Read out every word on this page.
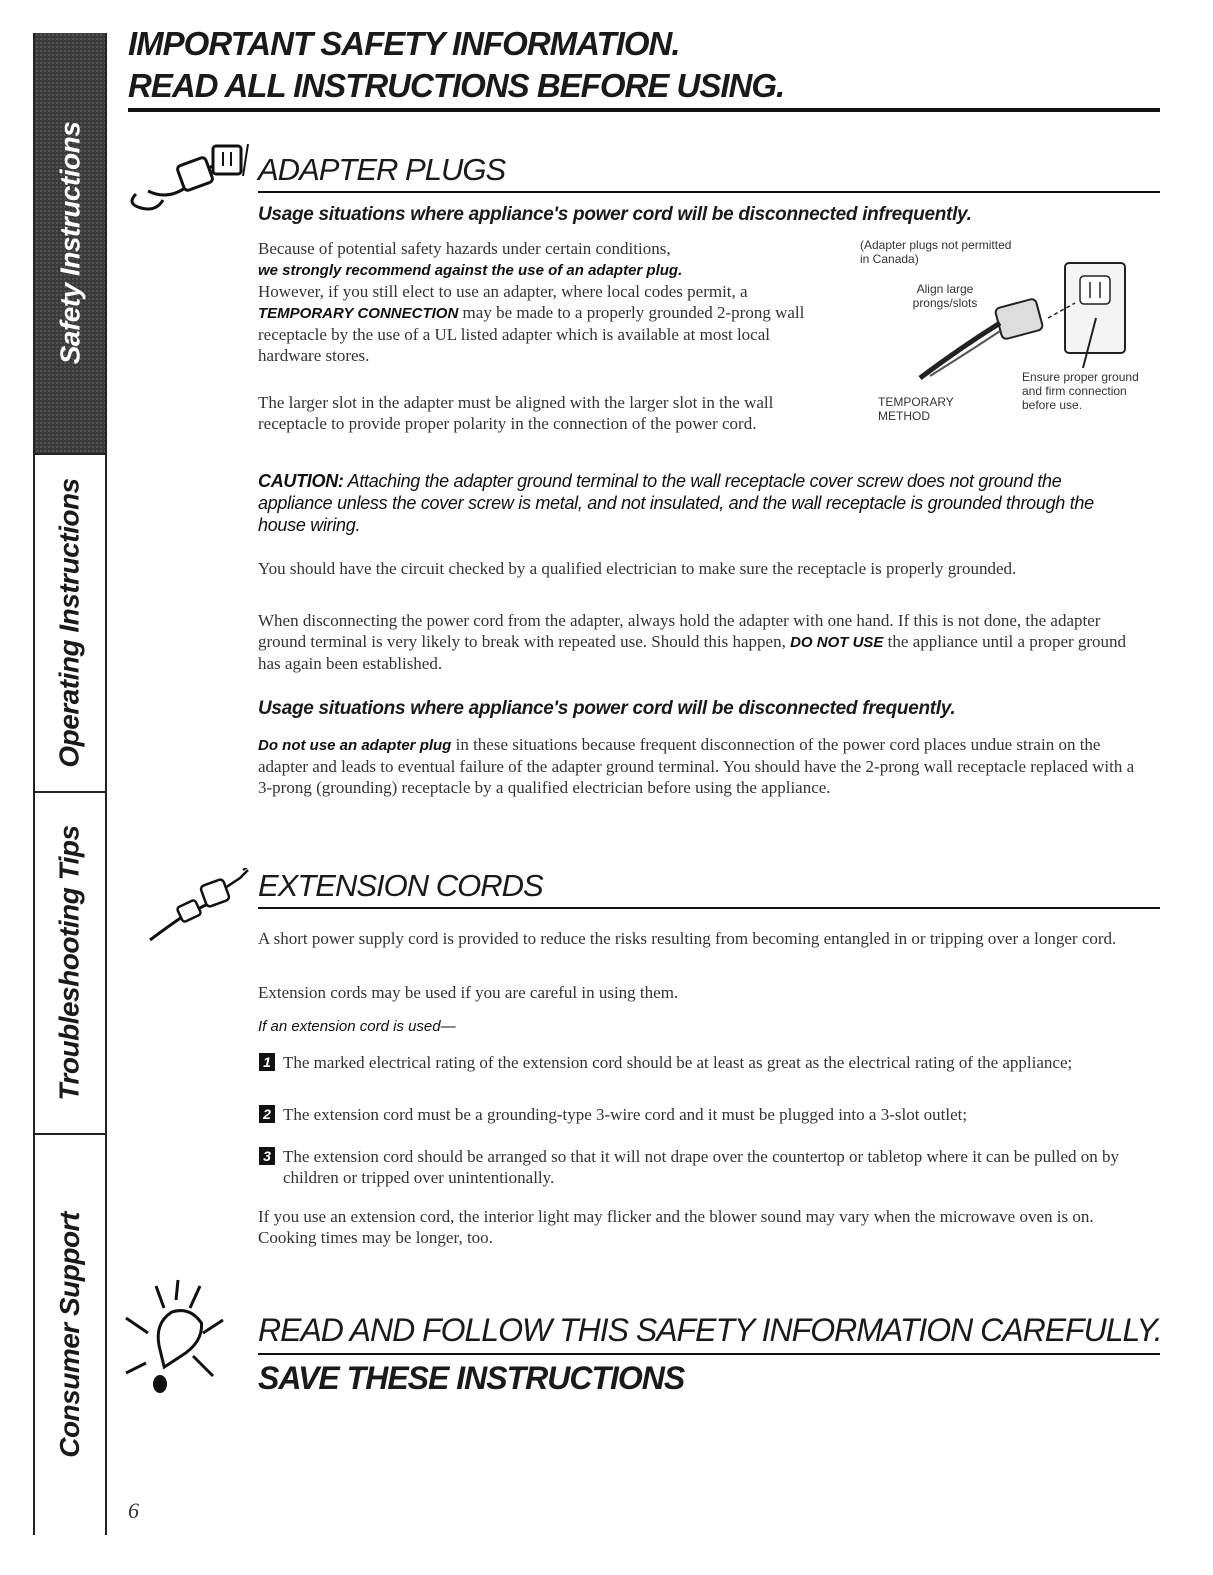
Safety Instructions
Operating Instructions
Troubleshooting Tips
Consumer Support
IMPORTANT SAFETY INFORMATION.
READ ALL INSTRUCTIONS BEFORE USING.
ADAPTER PLUGS
Usage situations where appliance's power cord will be disconnected infrequently.
Because of potential safety hazards under certain conditions,
we strongly recommend against the use of an adapter plug.
However, if you still elect to use an adapter, where local codes permit, a TEMPORARY CONNECTION may be made to a properly grounded 2-prong wall receptacle by the use of a UL listed adapter which is available at most local hardware stores.
The larger slot in the adapter must be aligned with the larger slot in the wall receptacle to provide proper polarity in the connection of the power cord.
(Adapter plugs not permitted in Canada)
Align large prongs/slots
TEMPORARY METHOD
Ensure proper ground and firm connection before use.
CAUTION: Attaching the adapter ground terminal to the wall receptacle cover screw does not ground the appliance unless the cover screw is metal, and not insulated, and the wall receptacle is grounded through the house wiring.
You should have the circuit checked by a qualified electrician to make sure the receptacle is properly grounded.
When disconnecting the power cord from the adapter, always hold the adapter with one hand. If this is not done, the adapter ground terminal is very likely to break with repeated use. Should this happen, DO NOT USE the appliance until a proper ground has again been established.
Usage situations where appliance's power cord will be disconnected frequently.
Do not use an adapter plug in these situations because frequent disconnection of the power cord places undue strain on the adapter and leads to eventual failure of the adapter ground terminal. You should have the 2-prong wall receptacle replaced with a 3-prong (grounding) receptacle by a qualified electrician before using the appliance.
EXTENSION CORDS
A short power supply cord is provided to reduce the risks resulting from becoming entangled in or tripping over a longer cord.
Extension cords may be used if you are careful in using them.
If an extension cord is used—
1 The marked electrical rating of the extension cord should be at least as great as the electrical rating of the appliance;
2 The extension cord must be a grounding-type 3-wire cord and it must be plugged into a 3-slot outlet;
3 The extension cord should be arranged so that it will not drape over the countertop or tabletop where it can be pulled on by children or tripped over unintentionally.
If you use an extension cord, the interior light may flicker and the blower sound may vary when the microwave oven is on. Cooking times may be longer, too.
READ AND FOLLOW THIS SAFETY INFORMATION CAREFULLY.
SAVE THESE INSTRUCTIONS
6
